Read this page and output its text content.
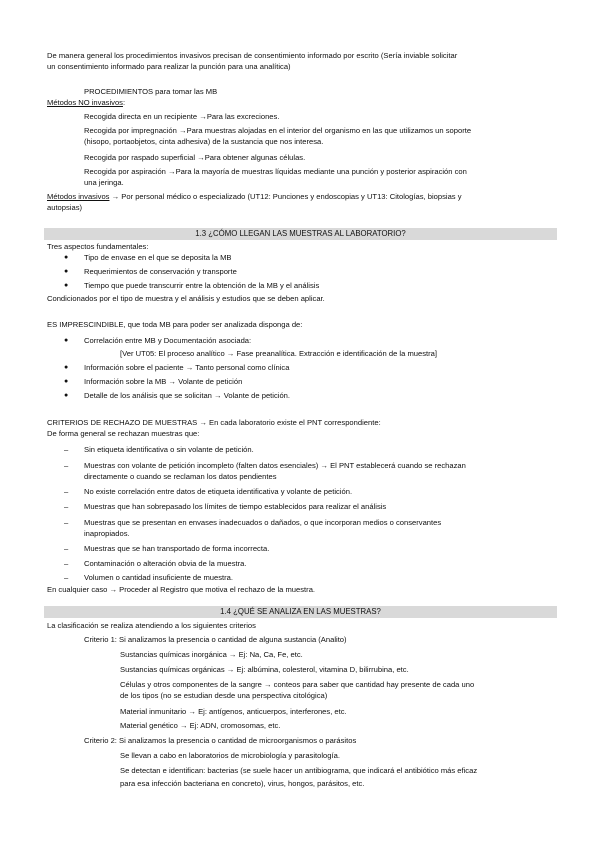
De manera general los procedimientos invasivos precisan de consentimiento informado por escrito (Sería inviable solicitar
un consentimiento informado para realizar la punción para una analítica)
PROCEDIMIENTOS para tomar las MB
Métodos NO invasivos:
Recogida directa en un recipiente →Para las excreciones.
Recogida por impregnación →Para muestras alojadas en el interior del organismo en las que utilizamos un soporte
(hisopo, portaobjetos, cinta adhesiva) de la sustancia que nos interesa.
Recogida por raspado superficial →Para obtener algunas células.
Recogida por aspiración →Para la mayoría de muestras líquidas mediante una punción y posterior aspiración con
una jeringa.
Métodos invasivos → Por personal médico o especializado (UT12: Punciones y endoscopias y UT13: Citologías, biopsias y
autopsias)
1.3 ¿CÓMO LLEGAN LAS MUESTRAS AL LABORATORIO?
Tres aspectos fundamentales:
● Tipo de envase en el que se deposita la MB
● Requerimientos de conservación y transporte
● Tiempo que puede transcurrir entre la obtención de la MB y el análisis
Condicionados por el tipo de muestra y el análisis y estudios que se deben aplicar.
ES IMPRESCINDIBLE, que toda MB para poder ser analizada disponga de:
● Correlación entre MB y Documentación asociada:
[Ver UT05: El proceso analítico → Fase preanalítica. Extracción e identificación de la muestra]
● Información sobre el paciente → Tanto personal como clínica
● Información sobre la MB → Volante de petición
● Detalle de los análisis que se solicitan → Volante de petición.
CRITERIOS DE RECHAZO DE MUESTRAS → En cada laboratorio existe el PNT correspondiente:
De forma general se rechazan muestras que:
– Sin etiqueta identificativa o sin volante de petición.
– Muestras con volante de petición incompleto (falten datos esenciales) → El PNT establecerá cuando se rechazan
directamente o cuando se reclaman los datos pendientes
– No existe correlación entre datos de etiqueta identificativa y volante de petición.
– Muestras que han sobrepasado los límites de tiempo establecidos para realizar el análisis
– Muestras que se presentan en envases inadecuados o dañados, o que incorporan medios o conservantes
inapropiados.
– Muestras que se han transportado de forma incorrecta.
– Contaminación o alteración obvia de la muestra.
– Volumen o cantidad insuficiente de muestra.
En cualquier caso → Proceder al Registro que motiva el rechazo de la muestra.
1.4 ¿QUÉ SE ANALIZA EN LAS MUESTRAS?
La clasificación se realiza atendiendo a los siguientes criterios
Criterio 1: Si analizamos la presencia o cantidad de alguna sustancia (Analito)
Sustancias químicas inorgánica → Ej: Na, Ca, Fe, etc.
Sustancias químicas orgánicas → Ej: albúmina, colesterol, vitamina D, bilirrubina, etc.
Células y otros componentes de la sangre → conteos para saber que cantidad hay presente de cada uno
de los tipos (no se estudian desde una perspectiva citológica)
Material inmunitario → Ej: antígenos, anticuerpos, interferones, etc.
Material genético → Ej: ADN, cromosomas, etc.
Criterio 2: Si analizamos la presencia o cantidad de microorganismos o parásitos
Se llevan a cabo en laboratorios de microbiología y parasitología.
Se detectan e identifican: bacterias (se suele hacer un antibiograma, que indicará el antibiótico más eficaz
para esa infección bacteriana en concreto), virus, hongos, parásitos, etc.
